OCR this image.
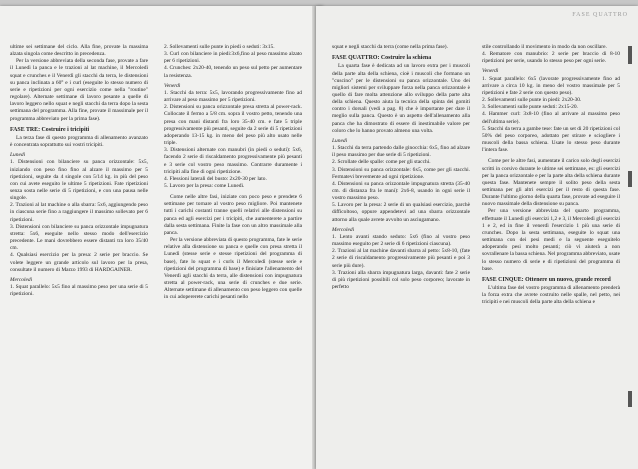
ultime sei settimane del ciclo. Alla fine, provate la massima alzata singola come descritto in precedenza.

Per la versione abbreviata della seconda fase, provate a fare il Lunedì la panca e le trazioni al lat machine, il Mercoledì squat e crunches e il Venerdì gli stacchi da terra, le distensioni su panca inclinata a 60° e i curl (eseguite lo stesso numero di serie e ripetizioni per ogni esercizio come nella "routine" regolare). Alternate settimane di lavoro pesante a quelle di lavoro leggero nello squat e negli stacchi da terra dopo la sesta settimana del programma. Alla fine, provate il massimale per il programma abbreviato per la prima fase).

FASE TRE: Costruire i tricipiti

La terza fase di questo programma di allenamento avanzato è concentrata soprattutto sui vostri tricipiti.

Lunedì

1. Distensioni con bilanciere su panca orizzontale: 5x5, iniziando con peso fino fino al alzare il massimo per 5 ripetizioni, seguite da 4 singole con 5/14 kg. in più del peso con cui avete eseguito le ultime 5 ripetizioni. Fate ripetizioni senza sosta nelle serie di 5 ripetizioni, e con una pausa nelle singole.

2. Trazioni al lat machine o alla sbarra: 5x6, aggiungendo peso in ciascuna serie fino a raggiungere il massimo sollevato per 6 ripetizioni.

3. Distensioni con bilanciere su panca orizzontale impugnatura stretta: 5x6, eseguite nello stesso modo dell'esercizio precedente. Le mani dovrebbero essere distanti tra loro 35/40 cm.

4. Qualsiasi esercizio per la presa: 2 serie per braccio. Se volete leggere un grande articolo sul lavoro per la presa, consultate il numero di Marzo 1993 di HARDGAINER.

Mercoledì

1. Squat parallelo: 5x5 fino al massimo peso per una serie di 5 ripetizioni.

2. Sollevamenti sulle punte in piedi o seduti: 3x15.

3. Curl con bilanciere in piedi:3x6,fino al peso massimo alzato per 6 ripetizioni.

4. Crunches: 2x20-40, tenendo un peso sul petto per aumentare la resistenza.

Venerdì

1. Stacchi da terra: 5x5, lavorando progressivamente fino ad arrivare al peso massimo per 5 ripetizioni.

2. Distensioni su panca orizzontale presa stretta al power-rack. Collocate il fermo a 5/8 cm. sopra il vostro petto, tenendo una presa con mani distanti fra loro 35-40 cm. e fate 5 triple progressivamente più pesanti, seguite da 2 serie di 5 ripetizioni adoperando 13-15 kg. in meno del peso più alto usato nelle triple.

3. Distensioni alternate con manubri (in piedi o seduti): 5x6, facendo 2 serie di riscaldamento progressivamente più pesanti e 3 serie col vostro peso massimo. Contrarre duramente i tricipiti alla fine di ogni ripetizione.

4. Flessioni laterali del busto: 2x20-30 per lato.

5. Lavoro per la presa: come Lunedì.

Come nelle altre fasi, iniziate con poco peso e prendete 6 settimane per tornare al vostro peso migliore. Poi mantenete tutti i carichi costanti tranne quelli relativi alle distensioni su panca ed agli esercizi per i tricipiti, che aumenterete a partire dalla sesta settimana. Finite la fase con un altro massimale alla panca.

Per la versione abbreviata di questo programma, fate le serie relative alla distensione su panca e quelle con presa stretta il Lunedì (stesse serie e stesse ripetizioni del programma di base), fate lo squat e i curls il Mercoledì (stesse serie e ripetizioni del programma di base) e finisiate l'allenamento del Venerdì agli stacchi da terra, alle distensioni con impugnatura stretta al power-rack, una serie di crunches e due serie. Alternate settimane di allenamento con peso leggero con quelle in cui adopererete carichi pesanti nello

FASE QUATTRO

squat e negli stacchi da terra (come nella prima fase).

FASE QUATTRO: Costruire la schiena

La quarta fase è dedicata ad un lavoro extra per i muscoli della parte alta della schiena, cioè i muscoli che formano un "cuscino" per le distensioni su panca orizzontale. Uno dei migliori sistemi per sviluppare forza nella panca orizzontale è quello di fare molta attenzione allo sviluppo della parte alta della schiena. Questo aiuta la tecnica della spinta dei gomiti contro i dorsali (vedi a pag. 8) che è importante per dare il meglio sulla panca. Questo è un aspetto dell'allenamento alla panca che ha dimostrato di essere di inestimabile valore per coloro che lo hanno provato almeno una volta.

Lunedì

1. Stacchi da terra partendo dalle ginocchia: 6x5, fino ad alzare il peso massimo per due serie di 5 ripetizioni.

2. Scrollate delle spalle: come per gli stacchi.

3. Distensioni su panca orizzontale: 6x5, come per gli stacchi. Fermatevi brevemente ad ogni ripetizione.

4. Distensioni su panca orizzontale impugnatura stretta (35-40 cm. di distanza fra le mani): 2x6-8, usando in ogni serie il vostro massimo peso.

5. Lavoro per la presa: 2 serie di un qualsiasi esercizio, parchè difficoltoso, oppure appendetevi ad una sbarra orizzontale attorno alla quale avrete avvolto un asciugamano.

Mercoledì

1. Lento avanti stando seduto: 5x6 (fino al vostro peso massimo eseguito per 2 serie di 6 ripetizioni ciascuna).

2. Trazioni al lat machine davanti sbarra al petto: 5x8-10, (fate 2 serie di riscaldamento progressivamente più pesanti e poi 3 serie più dure).

3. Trazioni alla sbarra impugnatura larga, davanti: fate 2 serie di più ripetizioni possibili col solo peso corporeo; lavorate in perfetto

stile controllando il movimento in modo da non oscillare.

4. Rematore con manubrio: 2 serie per braccio di 8-10 ripetizioni per serie, usando lo stesso peso per ogni serie.

Venerdì

1. Squat parallelo: 6x5 (lavorate progressivamente fino ad arrivare a circa 10 kg. in meno del vostro massimale per 5 ripetizioni e fate 2 serie con questo peso).

2. Sollevamenti sulle punte in piedi: 2x20-30.

3. Sollevamenti sulle punte seduti: 2x15-20.

4. Hammer curl: 3x8-10 (fino al arrivare al massimo peso dell'ultima serie).

5. Stacchi da terra a gambe tese: fate un set di 20 ripetizioni col 50% del peso corporeo, adottato per stirare e sciogliere i muscoli della bassa schiena. Usate lo stesso peso durante l'intera fase.

Come per le altre fasi, aumentate il carico solo degli esercizi scritti in corsivo durante le ultime sei settimane, es: gli esercizi per la panca orizzontale e per la parte alta della schiena durante questa fase. Mantenete sempre il solito peso della sesta settimana per gli altri esercizi per il resto di questa fase. Durante l'ultimo giorno della quarta fase, provate ad eseguire il nuovo massimale della distensione su panca.

Per una versione abbreviata del quarto programma, effettuate il Lunedì gli esercizi 1,2 e 3, il Mercoledì gli esercizi 1 e 2, ed in fine il venerdì l'esercizio 1 più una serie di crunches. Dopo la sesta settimana, eseguite lo squat una settimana con dei pesi medi e la seguente eseguitelo adoperando pesi molto pesanti; ciò vi aiuterà a non sovrallenare la bassa schiena. Nel programma abbreviato, usate lo stesso numero di serie e di ripetizioni del programma di base.

FASE CINQUE: Ottenere un nuovo, grande record

L'ultima fase del vostro programma di allenamento prenderà la forza extra che avrete costruito nelle spalle, nel petto, nei tricipiti e nei muscoli della parte alta della schiena e
